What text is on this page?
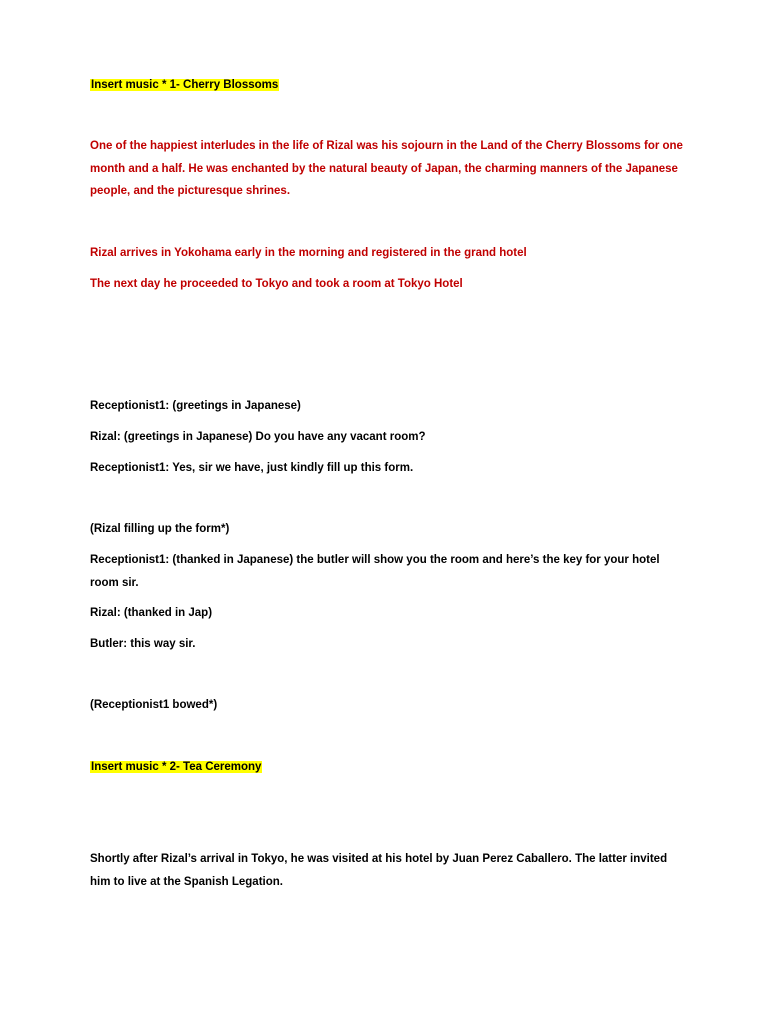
Insert music * 1- Cherry Blossoms

One of the happiest interludes in the life of Rizal was his sojourn in the Land of the Cherry Blossoms for one month and a half. He was enchanted by the natural beauty of Japan, the charming manners of the Japanese people, and the picturesque shrines.

Rizal arrives in Yokohama early in the morning and registered in the grand hotel

The next day he proceeded to Tokyo and took a room at Tokyo Hotel

Receptionist1: (greetings in Japanese)

Rizal: (greetings in Japanese) Do you have any vacant room?

Receptionist1: Yes, sir we have, just kindly fill up this form.

(Rizal filling up the form*)

Receptionist1: (thanked in Japanese) the butler will show you the room and here’s the key for your hotel room sir.

Rizal: (thanked in Jap)

Butler: this way sir.

(Receptionist1 bowed*)

Insert music * 2- Tea Ceremony

Shortly after Rizal’s arrival in Tokyo, he was visited at his hotel by Juan Perez Caballero. The latter invited him to live at the Spanish Legation.
